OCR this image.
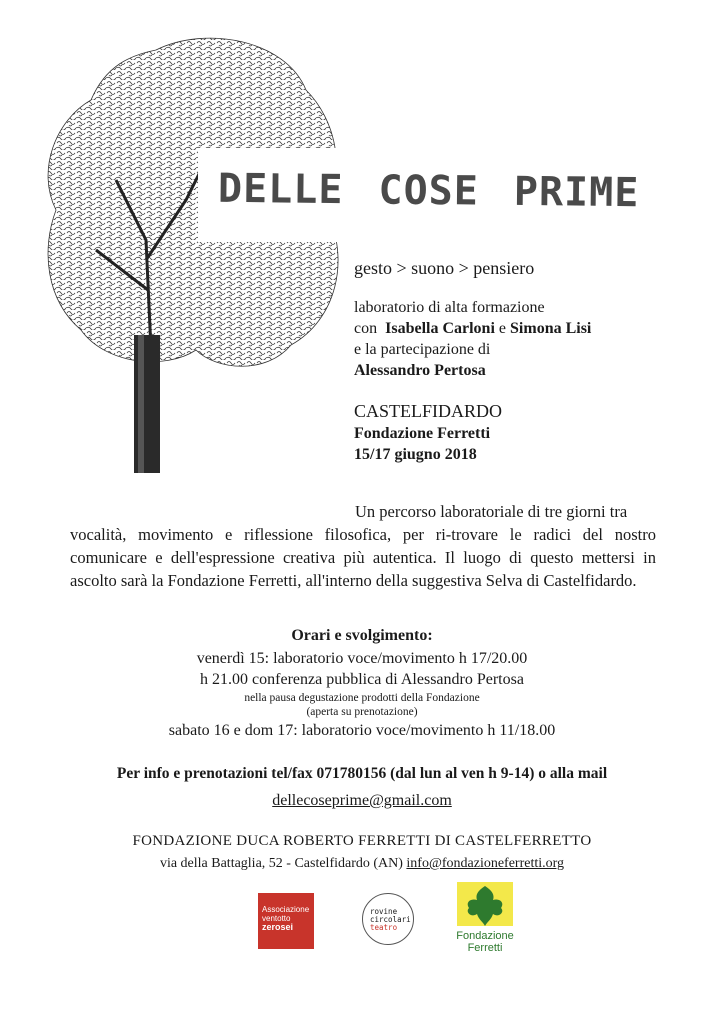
DELLE COSE PRIME
gesto > suono > pensiero
laboratorio di alta formazione
con Isabella Carloni e Simona Lisi
e la partecipazione di
Alessandro Pertosa
CASTELFIDARDO
Fondazione Ferretti
15/17 giugno 2018
Un percorso laboratoriale di tre giorni tra
vocalità, movimento e riflessione filosofica, per ri-trovare le radici del nostro comunicare e dell'espressione creativa più autentica. Il luogo di questo mettersi in ascolto sarà la Fondazione Ferretti, all'interno della suggestiva Selva di Castelfidardo.
Orari e svolgimento:
venerdì 15: laboratorio voce/movimento h 17/20.00
h 21.00 conferenza pubblica di Alessandro Pertosa
nella pausa degustazione prodotti della Fondazione
(aperta su prenotazione)
sabato 16 e dom 17: laboratorio voce/movimento h 11/18.00
Per info e prenotazioni tel/fax 071780156 (dal lun al ven h 9-14) o alla mail
dellecoseprime@gmail.com
FONDAZIONE DUCA ROBERTO FERRETTI DI CASTELFERRETTO
via della Battaglia, 52 - Castelfidardo (AN) info@fondazioneferretti.org
Associazione
ventotto
zerosei
rovine
circolari
teatro
Fondazione
Ferretti
